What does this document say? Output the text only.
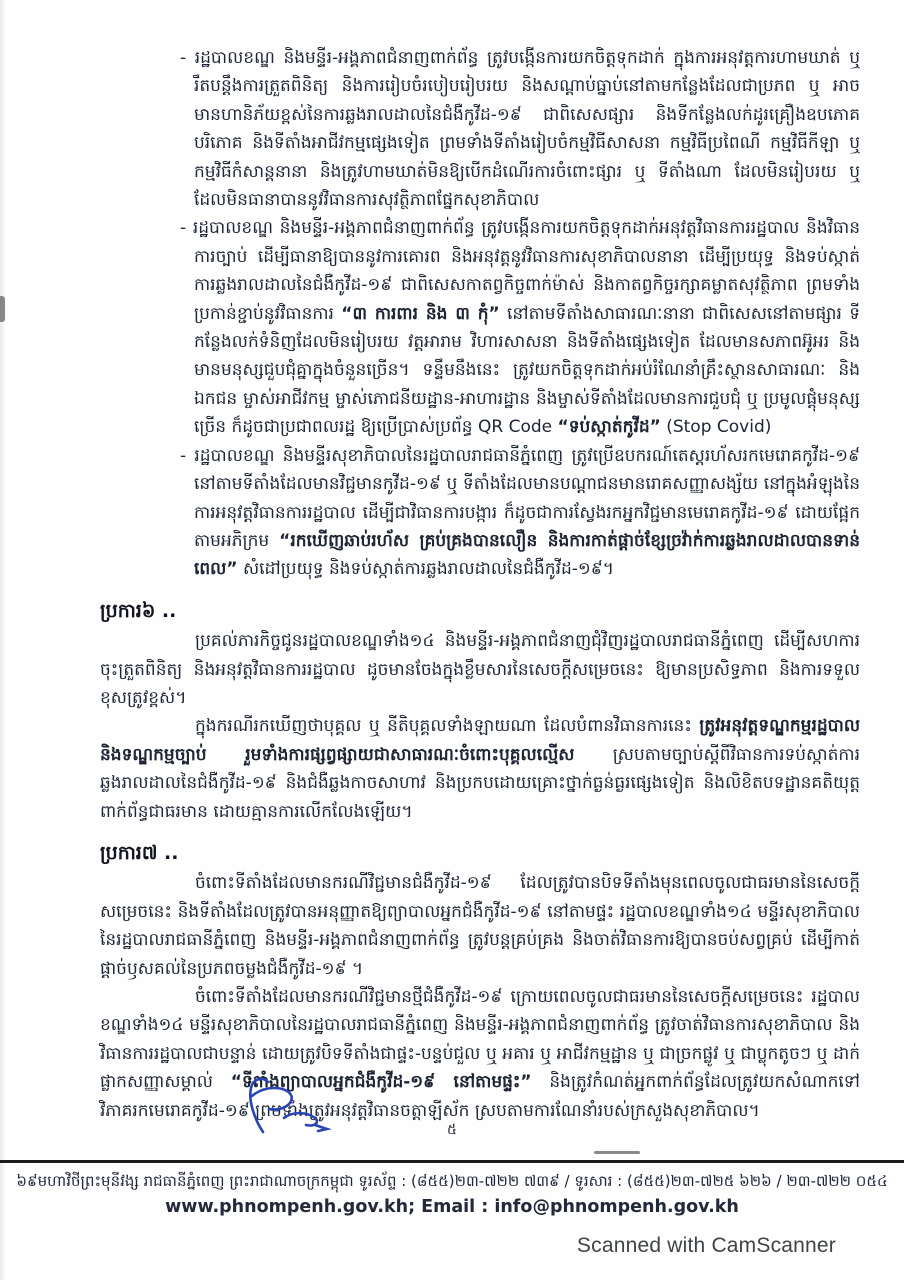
- រដ្ឋបាលខណ្ឌ និងមន្ទីរ-អង្គភាពជំនាញពាក់ព័ន្ធ ត្រូវបង្កើនការយកចិត្តទុកដាក់ ក្នុងការអនុវត្តការហាមឃាត់ ឬ រឹតបន្តឹងការត្រួតពិនិត្យ និងការរៀបចំរបៀបរៀបរយ និងសណ្ដាប់ធ្នាប់នៅតាមកន្លែងដែលជាប្រភព ឬ អាចមានហានិភ័យខ្ពស់នៃការឆ្លងរាលដាលនៃជំងឺកូវីដ-១៩ ជាពិសេសផ្សារ និងទីកន្លែងលក់ដូរគ្រឿងឧបភោគបរិភោគ និងទីតាំងអាជីវកម្មផ្សេងទៀត ព្រមទាំងទីតាំងរៀបចំកម្មវិធីសាសនា កម្មវិធីប្រពៃណី កម្មវិធីកីឡា ឬ កម្មវិធីកំសាន្តនានា និងត្រូវហាមឃាត់មិនឱ្យបើកដំណើរការចំពោះផ្សារ ឬ ទីតាំងណា ដែលមិនរៀបរយ ឬ ដែលមិនធានាបាននូវវិធានការសុវត្ថិភាពផ្នែកសុខាភិបាល
- រដ្ឋបាលខណ្ឌ និងមន្ទីរ-អង្គភាពជំនាញពាក់ព័ន្ធ ត្រូវបង្កើនការយកចិត្តទុកដាក់អនុវត្តវិធានការរដ្ឋបាល និងវិធានការច្បាប់ ដើម្បីធានាឱ្យបាននូវការគោរព និងអនុវត្តនូវវិធានការសុខាភិបាលនានា ដើម្បីប្រយុទ្ធ និងទប់ស្កាត់ការឆ្លងរាលដាលនៃជំងឺកូវីដ-១៩ ជាពិសេសកាតព្វកិច្ចពាក់ម៉ាស់ និងកាតព្វកិច្ចរក្សាគម្លាតសុវត្ថិភាព ព្រមទាំងប្រកាន់ខ្ជាប់នូវវិធានការ “៣ ការពារ និង ៣ កុំ” នៅតាមទីតាំងសាធារណៈនានា ជាពិសេសនៅតាមផ្សារ ទីកន្លែងលក់ទំនិញដែលមិនរៀបរយ វត្តអារាម វិហារសាសនា និងទីតាំងផ្សេងទៀត ដែលមានសភាពអ៊ូអរ និងមានមនុស្សជួបជុំគ្នាក្នុងចំនួនច្រើន។ ទន្ទឹមនឹងនេះ ត្រូវយកចិត្តទុកដាក់អប់រំណែនាំគ្រឹះស្ថានសាធារណៈ និងឯកជន ម្ចាស់អាជីវកម្ម ម្ចាស់ភោជនីយដ្ឋាន-អាហារដ្ឋាន និងម្ចាស់ទីតាំងដែលមានការជួបជុំ ឬ ប្រមូលផ្ដុំមនុស្សច្រើន ក៏ដូចជាប្រជាពលរដ្ឋ ឱ្យប្រើប្រាស់ប្រព័ន្ធ QR Code “ទប់ស្កាត់កូវីដ” (Stop Covid)
- រដ្ឋបាលខណ្ឌ និងមន្ទីរសុខាភិបាលនៃរដ្ឋបាលរាជធានីភ្នំពេញ ត្រូវប្រើឧបករណ៍តេស្ដរហ័សរកមេរោគកូវីដ-១៩ នៅតាមទីតាំងដែលមានវិជ្ជមានកូវីដ-១៩ ឬ ទីតាំងដែលមានបណ្ដាជនមានរោគសញ្ញាសង្ស័យ នៅក្នុងអំឡុងនៃការអនុវត្តវិធានការរដ្ឋបាល ដើម្បីជាវិធានការបង្ការ ក៏ដូចជាការស្វែងរកអ្នកវិជ្ជមានមេរោគកូវីដ-១៩ ដោយផ្អែកតាមអភិក្រម “រកឃើញឆាប់រហ័ស គ្រប់គ្រងបានលឿន និងការកាត់ផ្ដាច់ខ្សែច្រវ៉ាក់ការឆ្លងរាលដាលបានទាន់ពេល” សំដៅប្រយុទ្ធ និងទប់ស្កាត់ការឆ្លងរាលដាលនៃជំងឺកូវីដ-១៩។
ប្រការ៦ ..
ប្រគល់ភារកិច្ចជូនរដ្ឋបាលខណ្ឌទាំង១៤ និងមន្ទីរ-អង្គភាពជំនាញជុំវិញរដ្ឋបាលរាជធានីភ្នំពេញ ដើម្បីសហការចុះត្រួតពិនិត្យ និងអនុវត្តវិធានការរដ្ឋបាល ដូចមានចែងក្នុងខ្លឹមសារនៃសេចក្ដីសម្រេចនេះ ឱ្យមានប្រសិទ្ធភាព និងការទទួលខុសត្រូវខ្ពស់។
ក្នុងករណីរកឃើញថាបុគ្គល ឬ នីតិបុគ្គលទាំងឡាយណា ដែលបំពានវិធានការនេះ ត្រូវអនុវត្តទណ្ឌកម្មរដ្ឋបាល និងទណ្ឌកម្មច្បាប់ រួមទាំងការផ្សព្វផ្សាយជាសាធារណៈចំពោះបុគ្គលល្មើស ស្របតាមច្បាប់ស្ដីពីវិធានការទប់ស្កាត់ការឆ្លងរាលដាលនៃជំងឺកូវីដ-១៩ និងជំងឺឆ្លងកាចសាហាវ និងប្រកបដោយគ្រោះថ្នាក់ធ្ងន់ធ្ងរផ្សេងទៀត និងលិខិតបទដ្ឋានគតិយុត្តពាក់ព័ន្ធជាធរមាន ដោយគ្មានការលើកលែងឡើយ។
ប្រការ៧ ..
ចំពោះទីតាំងដែលមានករណីវិជ្ជមានជំងឺកូវីដ-១៩ ដែលត្រូវបានបិទទីតាំងមុនពេលចូលជាធរមាននៃសេចក្ដីសម្រេចនេះ និងទីតាំងដែលត្រូវបានអនុញ្ញាតឱ្យព្យាបាលអ្នកជំងឺកូវីដ-១៩ នៅតាមផ្ទះ រដ្ឋបាលខណ្ឌទាំង១៤ មន្ទីរសុខាភិបាលនៃរដ្ឋបាលរាជធានីភ្នំពេញ និងមន្ទីរ-អង្គភាពជំនាញពាក់ព័ន្ធ ត្រូវបន្តគ្រប់គ្រង និងចាត់វិធានការឱ្យបានចប់សព្វគ្រប់ ដើម្បីកាត់ផ្ដាច់ឫសគល់នៃប្រភពចម្លងជំងឺកូវីដ-១៩ ។
ចំពោះទីតាំងដែលមានករណីវិជ្ជមានថ្មីជំងឺកូវីដ-១៩ ក្រោយពេលចូលជាធរមាននៃសេចក្ដីសម្រេចនេះ រដ្ឋបាលខណ្ឌទាំង១៤ មន្ទីរសុខាភិបាលនៃរដ្ឋបាលរាជធានីភ្នំពេញ និងមន្ទីរ-អង្គភាពជំនាញពាក់ព័ន្ធ ត្រូវចាត់វិធានការសុខាភិបាល និងវិធានការរដ្ឋបាលជាបន្ទាន់ ដោយត្រូវបិទទីតាំងជាផ្ទះ-បន្ទប់ជួល ឬ អគារ ឬ អាជីវកម្មដ្ឋាន ឬ ជាច្រកផ្លូវ ឬ ជាប្លុកតូចៗ ឬ ដាក់ផ្លាកសញ្ញាសម្គាល់ “ទីតាំងព្យាបាលអ្នកជំងឺកូវីដ-១៩ នៅតាមផ្ទះ” និងត្រូវកំណត់អ្នកពាក់ព័ន្ធដែលត្រូវយកសំណាកទៅវិភាគរកមេរោគកូវីដ-១៩ ព្រមទាំងត្រូវអនុវត្តវិធានចត្តាឡីស័ក ស្របតាមការណែនាំរបស់ក្រសួងសុខាភិបាល។
៥
៦៩មហាវិថីព្រះមុនីវង្ស រាជធានីភ្នំពេញ ព្រះរាជាណាចក្រកម្ពុជា ទូរស័ព្ទ : (៨៥៥)២៣-៧២២ ៧៣៩ / ទូរសារ : (៨៥៥)២៣-៧២៥ ៦២៦ / ២៣-៧២២ ០៥៤
www.phnompenh.gov.kh; Email : info@phnompenh.gov.kh
Scanned with CamScanner
